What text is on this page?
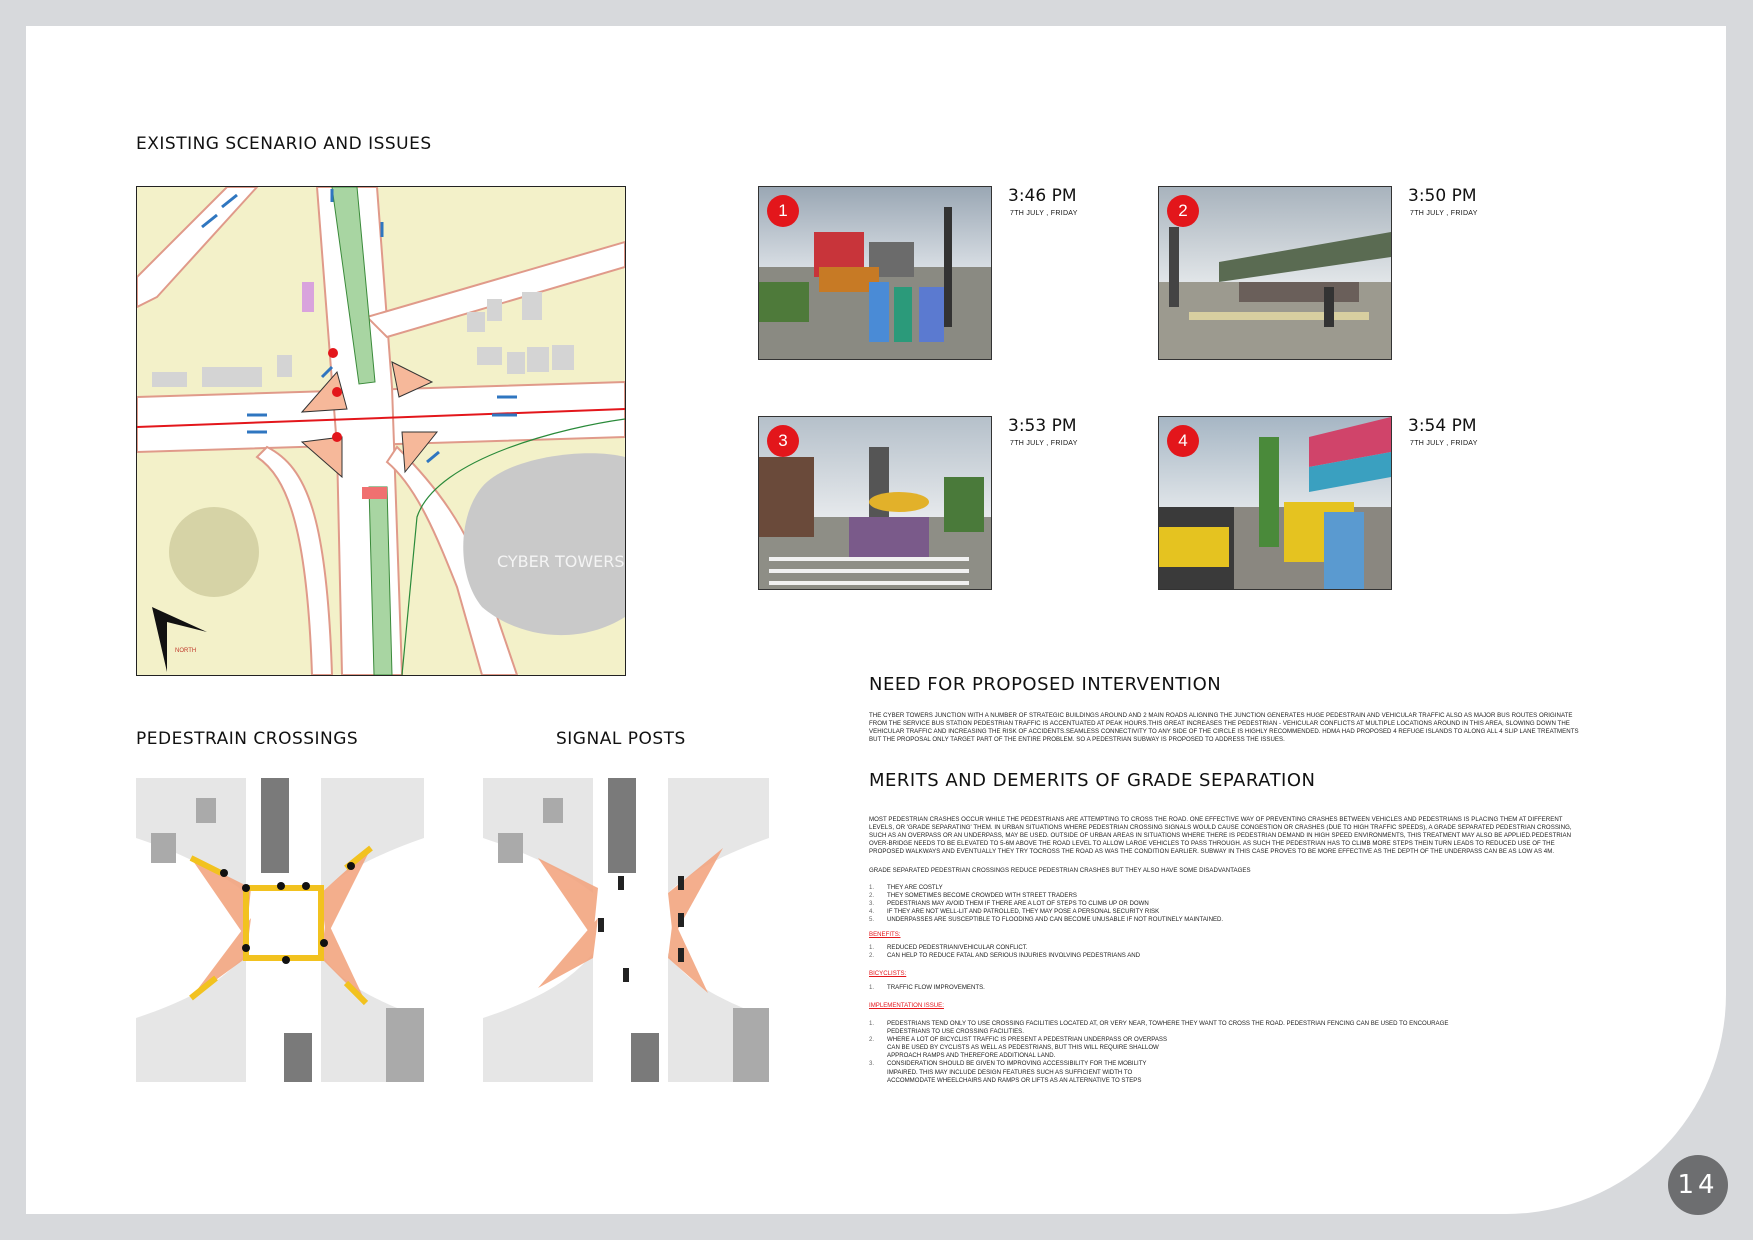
EXISTING SCENARIO AND ISSUES
NORTH
CYBER TOWERS
1
3:46 PM
7TH JULY , FRIDAY	2
3:50 PM
7TH JULY , FRIDAY
3
3:53 PM
7TH JULY , FRIDAY	4
3:54 PM
7TH JULY , FRIDAY
PEDESTRAIN CROSSINGS	SIGNAL POSTS
NEED FOR PROPOSED INTERVENTION

THE CYBER TOWERS JUNCTION WITH A NUMBER OF STRATEGIC BUILDINGS AROUND AND 2 MAIN ROADS ALIGNING THE JUNCTION GENERATES HUGE PEDESTRAIN AND VEHICULAR TRAFFIC ALSO AS MAJOR BUS ROUTES ORIGINATE FROM THE SERVICE BUS STATION PEDESTRIAN TRAFFIC IS ACCENTUATED AT PEAK HOURS.THIS GREAT INCREASES THE PEDESTRIAN - VEHICULAR CONFLICTS AT MULTIPLE LOCATIONS AROUND IN THIS AREA, SLOWING DOWN THE VEHICULAR TRAFFIC AND INCREASING THE RISK OF ACCIDENTS.SEAMLESS CONNECTIVITY TO ANY SIDE OF THE CIRCLE IS HIGHLY RECOMMENDED. HDMA HAD PROPOSED 4 REFUGE ISLANDS TO ALONG ALL 4 SLIP LANE TREATMENTS BUT THE PROPOSAL ONLY TARGET PART OF THE ENTIRE PROBLEM. SO A PEDESTRIAN SUBWAY IS PROPOSED TO ADDRESS THE ISSUES.

MERITS AND DEMERITS OF GRADE SEPARATION

MOST PEDESTRIAN CRASHES OCCUR WHILE THE PEDESTRIANS ARE ATTEMPTING TO CROSS THE ROAD. ONE EFFECTIVE WAY OF PREVENTING CRASHES BETWEEN VEHICLES AND PEDESTRIANS IS PLACING THEM AT DIFFERENT LEVELS, OR 'GRADE SEPARATING' THEM. IN URBAN SITUATIONS WHERE PEDESTRIAN CROSSING SIGNALS WOULD CAUSE CONGESTION OR CRASHES (DUE TO HIGH TRAFFIC SPEEDS), A GRADE SEPARATED PEDESTRIAN CROSSING, SUCH AS AN OVERPASS OR AN UNDERPASS, MAY BE USED. OUTSIDE OF URBAN AREAS IN SITUATIONS WHERE THERE IS PEDESTRIAN DEMAND IN HIGH SPEED ENVIRONMENTS, THIS TREATMENT MAY ALSO BE APPLIED.PEDESTRIAN OVER-BRIDGE NEEDS TO BE ELEVATED TO 5-6M ABOVE THE ROAD LEVEL TO ALLOW LARGE VEHICLES TO PASS THROUGH. AS SUCH THE PEDESTRIAN HAS TO CLIMB MORE STEPS THEIN TURN LEADS TO REDUCED USE OF THE PROPOSED WALKWAYS AND EVENTUALLY THEY TRY TOCROSS THE ROAD AS WAS THE CONDITION EARLIER. SUBWAY IN THIS CASE PROVES TO BE MORE EFFECTIVE AS THE DEPTH OF THE UNDERPASS CAN BE AS LOW AS 4M.

GRADE SEPARATED PEDESTRIAN CROSSINGS REDUCE PEDESTRIAN CRASHES BUT THEY ALSO HAVE SOME DISADVANTAGES

1.	THEY ARE COSTLY
2.	THEY SOMETIMES BECOME CROWDED WITH STREET TRADERS
3.	PEDESTRIANS MAY AVOID THEM IF THERE ARE A LOT OF STEPS TO CLIMB UP OR DOWN
4.	IF THEY ARE NOT WELL-LIT AND PATROLLED, THEY MAY POSE A PERSONAL SECURITY RISK
5.	UNDERPASSES ARE SUSCEPTIBLE TO FLOODING AND CAN BECOME UNUSABLE IF NOT ROUTINELY MAINTAINED.
BENEFITS:
1.	REDUCED PEDESTRIAN/VEHICULAR CONFLICT.
2.	CAN HELP TO REDUCE FATAL AND SERIOUS INJURIES INVOLVING PEDESTRIANS AND
BICYCLISTS:
1.	TRAFFIC FLOW IMPROVEMENTS.
IMPLEMENTATION ISSUE:
1.	PEDESTRIANS TEND ONLY TO USE CROSSING FACILITIES LOCATED AT, OR VERY NEAR, TOWHERE THEY WANT TO CROSS THE ROAD. PEDESTRIAN FENCING CAN BE USED TO ENCOURAGE PEDESTRIANS TO USE CROSSING FACILITIES.
2.	WHERE A LOT OF BICYCLIST TRAFFIC IS PRESENT A PEDESTRIAN UNDERPASS OR OVERPASS CAN BE USED BY CYCLISTS AS WELL AS PEDESTRIANS, BUT THIS WILL REQUIRE SHALLOW APPROACH RAMPS AND THEREFORE ADDITIONAL LAND.
3.	CONSIDERATION SHOULD BE GIVEN TO IMPROVING ACCESSIBILITY FOR THE MOBILITY IMPAIRED. THIS MAY INCLUDE DESIGN FEATURES SUCH AS SUFFICIENT WIDTH TO ACCOMMODATE WHEELCHAIRS AND RAMPS OR LIFTS AS AN ALTERNATIVE TO STEPS
14
